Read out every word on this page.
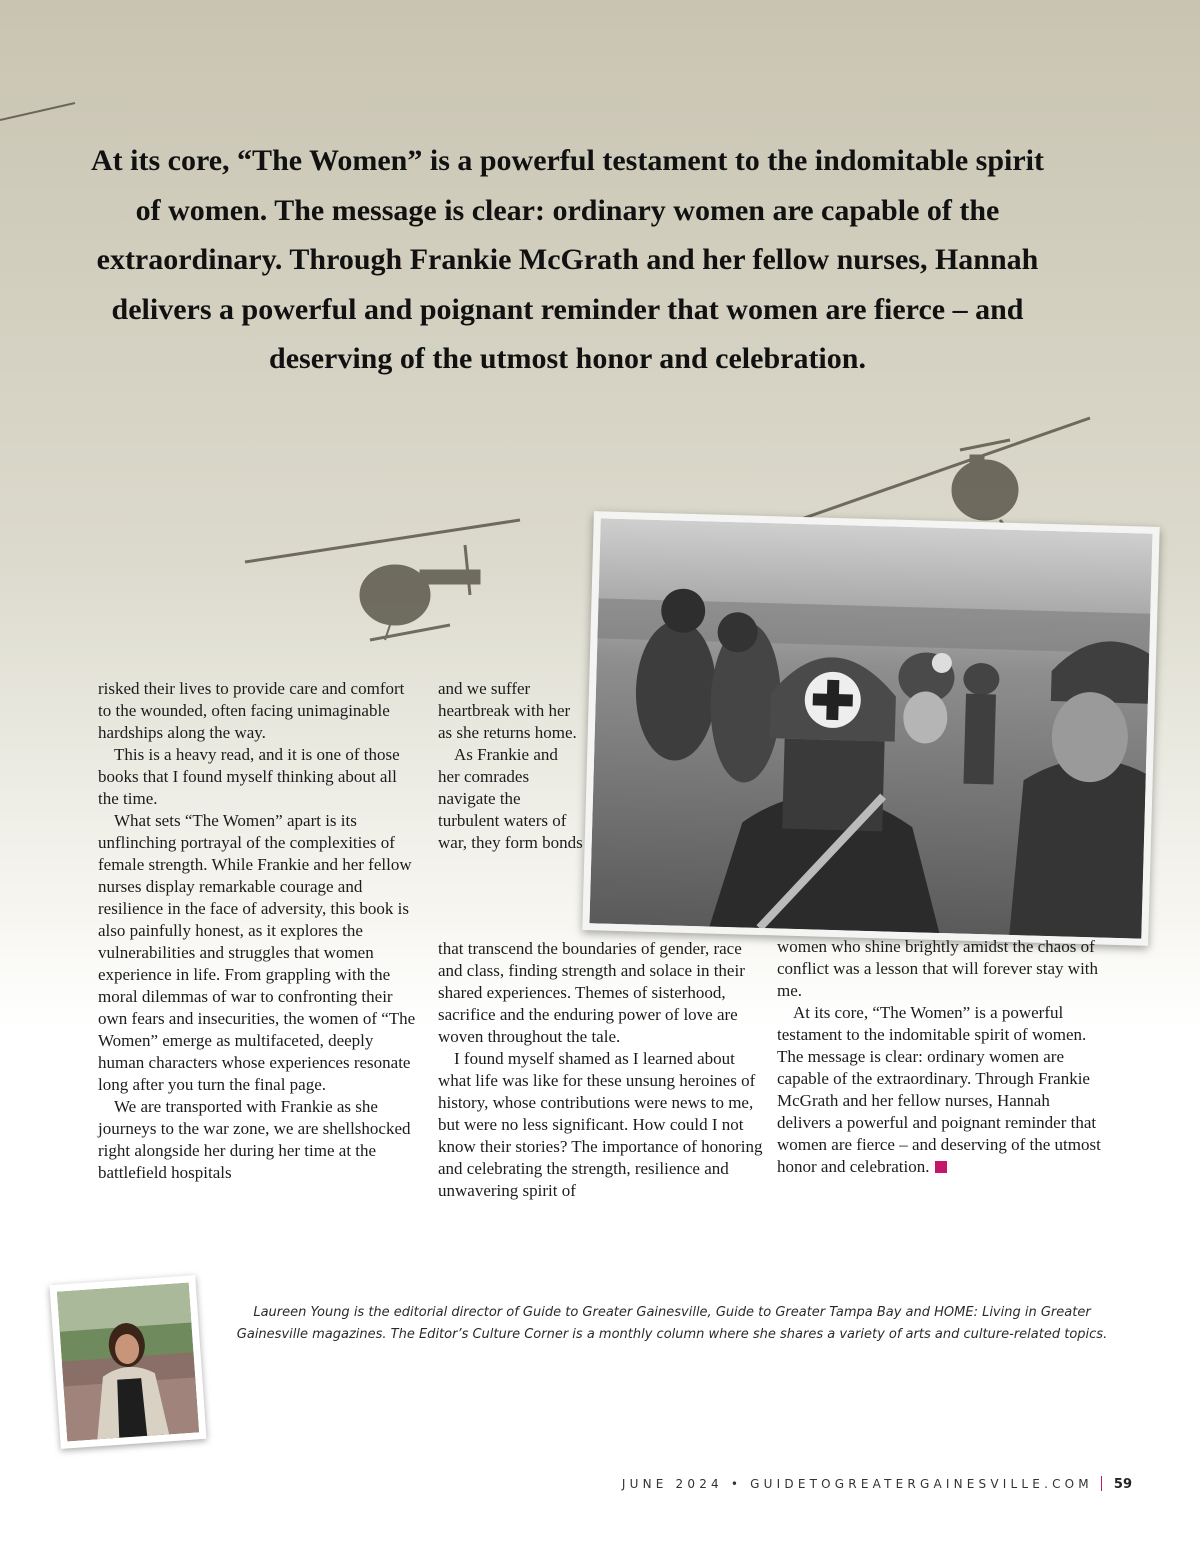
At its core, “The Women” is a powerful testament to the indomitable spirit of women. The message is clear: ordinary women are capable of the extraordinary. Through Frankie McGrath and her fellow nurses, Hannah delivers a powerful and poignant reminder that women are fierce – and deserving of the utmost honor and celebration.

risked their lives to provide care and comfort to the wounded, often facing unimaginable hardships along the way.

This is a heavy read, and it is one of those books that I found myself thinking about all the time.

What sets “The Women” apart is its unflinching portrayal of the complexities of female strength. While Frankie and her fellow nurses display remarkable courage and resilience in the face of adversity, this book is also painfully honest, as it explores the vulnerabilities and struggles that women experience in life. From grappling with the moral dilemmas of war to confronting their own fears and insecurities, the women of “The Women” emerge as multifaceted, deeply human characters whose experiences resonate long after you turn the final page.

We are transported with Frankie as she journeys to the war zone, we are shellshocked right alongside her during her time at the battlefield hospitals

and we suffer heartbreak with her as she returns home.

As Frankie and her comrades navigate the turbulent waters of war, they form bonds

that transcend the boundaries of gender, race and class, finding strength and solace in their shared experiences. Themes of sisterhood, sacrifice and the enduring power of love are woven throughout the tale.

I found myself shamed as I learned about what life was like for these unsung heroines of history, whose contributions were news to me, but were no less significant. How could I not know their stories? The importance of honoring and celebrating the strength, resilience and unwavering spirit of

women who shine brightly amidst the chaos of conflict was a lesson that will forever stay with me.

At its core, “The Women” is a powerful testament to the indomitable spirit of women. The message is clear: ordinary women are capable of the extraordinary. Through Frankie McGrath and her fellow nurses, Hannah delivers a powerful and poignant reminder that women are fierce – and deserving of the utmost honor and celebration.

Laureen Young is the editorial director of Guide to Greater Gainesville, Guide to Greater Tampa Bay and HOME: Living in Greater Gainesville magazines. The Editor’s Culture Corner is a monthly column where she shares a variety of arts and culture-related topics.
JUNE 2024 • GUIDETOGREATERGAINESVILLE.COM 59
